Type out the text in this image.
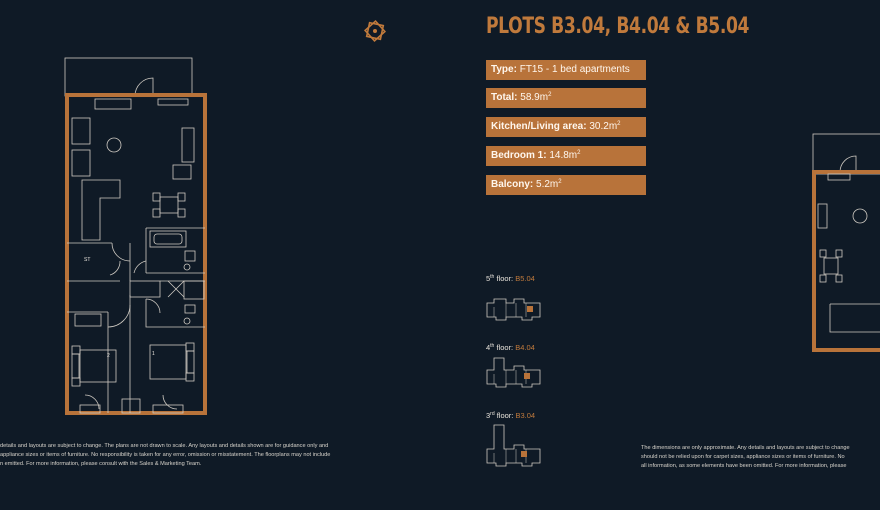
ST
2	1
PLOTS B3.04, B4.04 & B5.04
Type: FT15 - 1 bed apartments
Total: $58.9m^2$
Kitchen/Living area: $30.2m^2$
Bedroom 1: $14.8m^2$
Balcony: $5.2m^2$
5th floor: B5.04
4th floor: B4.04
3rd floor: B3.04
details and layouts are subject to change. The plans are not drawn to scale. Any layouts and details shown are for guidance only and
appliance sizes or items of furniture. No responsibility is taken for any error, omission or misstatement. The floorplans may not include
n emitted. For more information, please consult with the Sales & Marketing Team.
The dimensions are only approximate. Any details and layouts are subject to change
should not be relied upon for carpet sizes, appliance sizes or items of furniture. No
all information, as some elements have been omitted. For more information, please
